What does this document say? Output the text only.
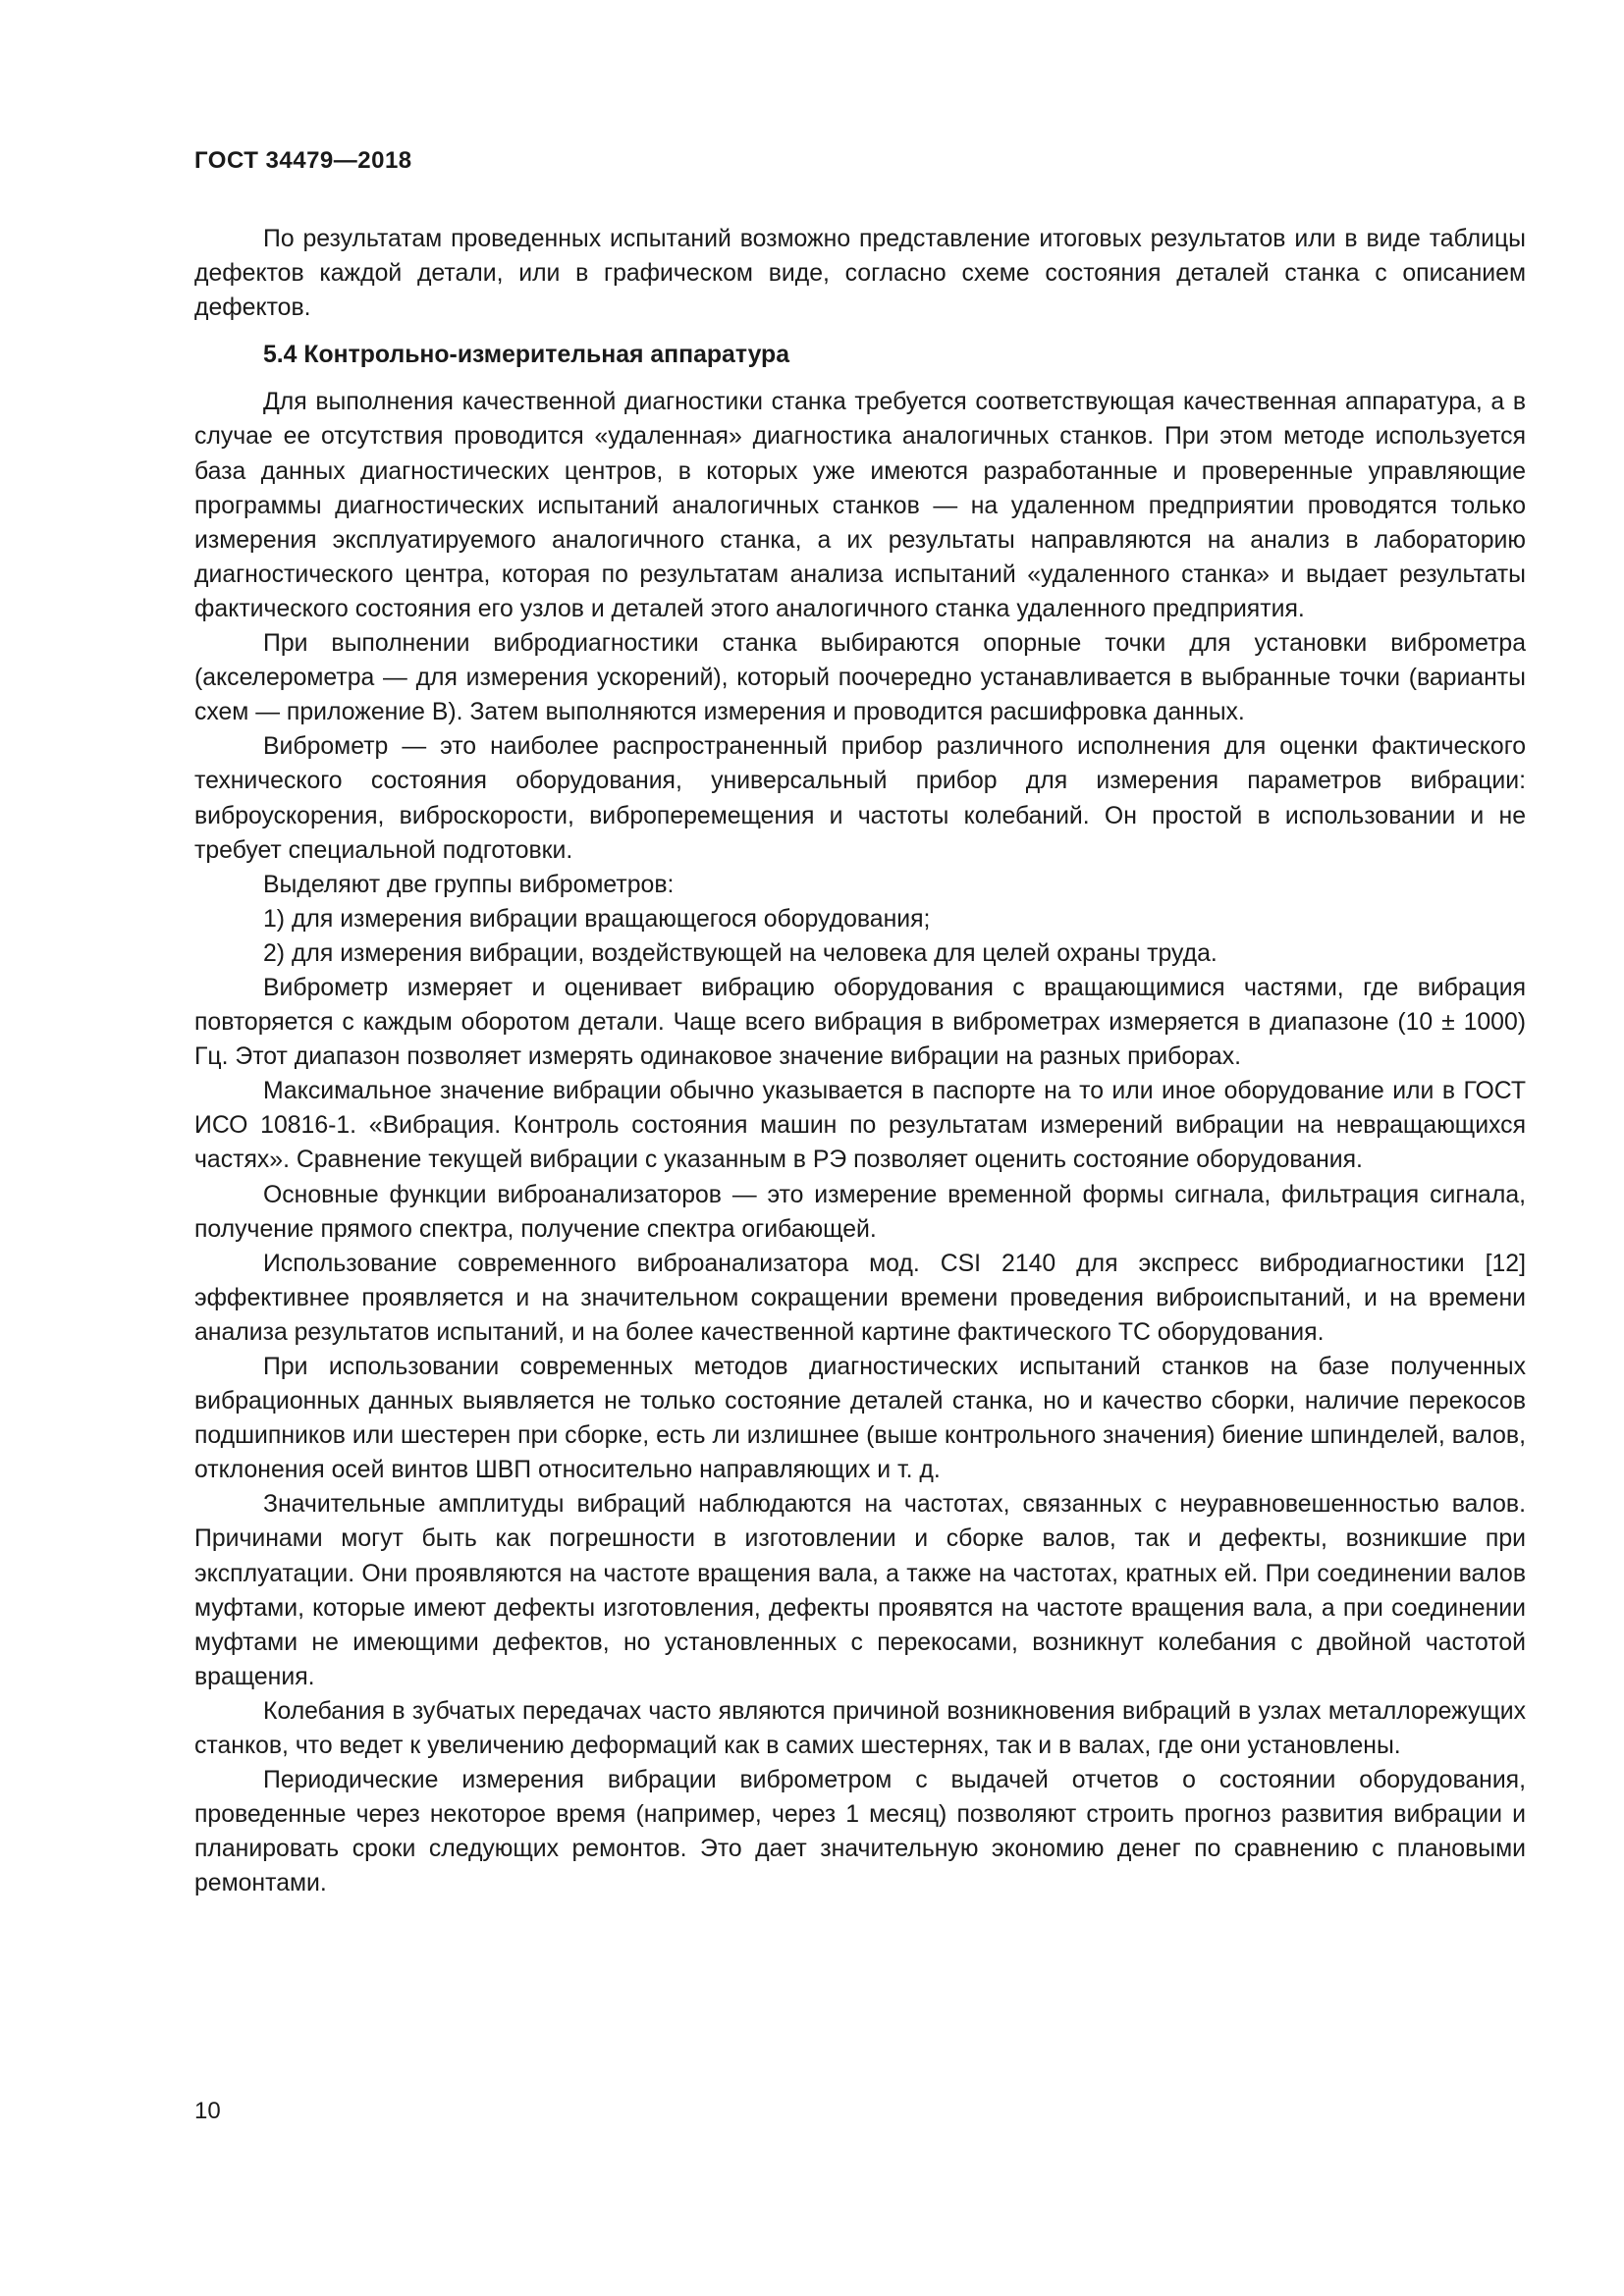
ГОСТ 34479—2018

По результатам проведенных испытаний возможно представление итоговых результатов или в виде таблицы дефектов каждой детали, или в графическом виде, согласно схеме состояния деталей станка с описанием дефектов.

5.4 Контрольно-измерительная аппаратура

Для выполнения качественной диагностики станка требуется соответствующая качественная аппаратура, а в случае ее отсутствия проводится «удаленная» диагностика аналогичных станков. При этом методе используется база данных диагностических центров, в которых уже имеются разработанные и проверенные управляющие программы диагностических испытаний аналогичных станков — на удаленном предприятии проводятся только измерения эксплуатируемого аналогичного станка, а их результаты направляются на анализ в лабораторию диагностического центра, которая по результатам анализа испытаний «удаленного станка» и выдает результаты фактического состояния его узлов и деталей этого аналогичного станка удаленного предприятия.

При выполнении вибродиагностики станка выбираются опорные точки для установки виброметра (акселерометра — для измерения ускорений), который поочередно устанавливается в выбранные точки (варианты схем — приложение В). Затем выполняются измерения и проводится расшифровка данных.

Виброметр — это наиболее распространенный прибор различного исполнения для оценки фактического технического состояния оборудования, универсальный прибор для измерения параметров вибрации: виброускорения, виброскорости, виброперемещения и частоты колебаний. Он простой в использовании и не требует специальной подготовки.

Выделяют две группы виброметров:

1) для измерения вибрации вращающегося оборудования;

2) для измерения вибрации, воздействующей на человека для целей охраны труда.

Виброметр измеряет и оценивает вибрацию оборудования с вращающимися частями, где вибрация повторяется с каждым оборотом детали. Чаще всего вибрация в виброметрах измеряется в диапазоне (10 ± 1000) Гц. Этот диапазон позволяет измерять одинаковое значение вибрации на разных приборах.

Максимальное значение вибрации обычно указывается в паспорте на то или иное оборудование или в ГОСТ ИСО 10816-1. «Вибрация. Контроль состояния машин по результатам измерений вибрации на невращающихся частях». Сравнение текущей вибрации с указанным в РЭ позволяет оценить состояние оборудования.

Основные функции виброанализаторов — это измерение временной формы сигнала, фильтрация сигнала, получение прямого спектра, получение спектра огибающей.

Использование современного виброанализатора мод. CSI 2140 для экспресс вибродиагностики [12] эффективнее проявляется и на значительном сокращении времени проведения виброиспытаний, и на времени анализа результатов испытаний, и на более качественной картине фактического ТС оборудования.

При использовании современных методов диагностических испытаний станков на базе полученных вибрационных данных выявляется не только состояние деталей станка, но и качество сборки, наличие перекосов подшипников или шестерен при сборке, есть ли излишнее (выше контрольного значения) биение шпинделей, валов, отклонения осей винтов ШВП относительно направляющих и т. д.

Значительные амплитуды вибраций наблюдаются на частотах, связанных с неуравновешенностью валов. Причинами могут быть как погрешности в изготовлении и сборке валов, так и дефекты, возникшие при эксплуатации. Они проявляются на частоте вращения вала, а также на частотах, кратных ей. При соединении валов муфтами, которые имеют дефекты изготовления, дефекты проявятся на частоте вращения вала, а при соединении муфтами не имеющими дефектов, но установленных с перекосами, возникнут колебания с двойной частотой вращения.

Колебания в зубчатых передачах часто являются причиной возникновения вибраций в узлах металлорежущих станков, что ведет к увеличению деформаций как в самих шестернях, так и в валах, где они установлены.

Периодические измерения вибрации виброметром с выдачей отчетов о состоянии оборудования, проведенные через некоторое время (например, через 1 месяц) позволяют строить прогноз развития вибрации и планировать сроки следующих ремонтов. Это дает значительную экономию денег по сравнению с плановыми ремонтами.

10
